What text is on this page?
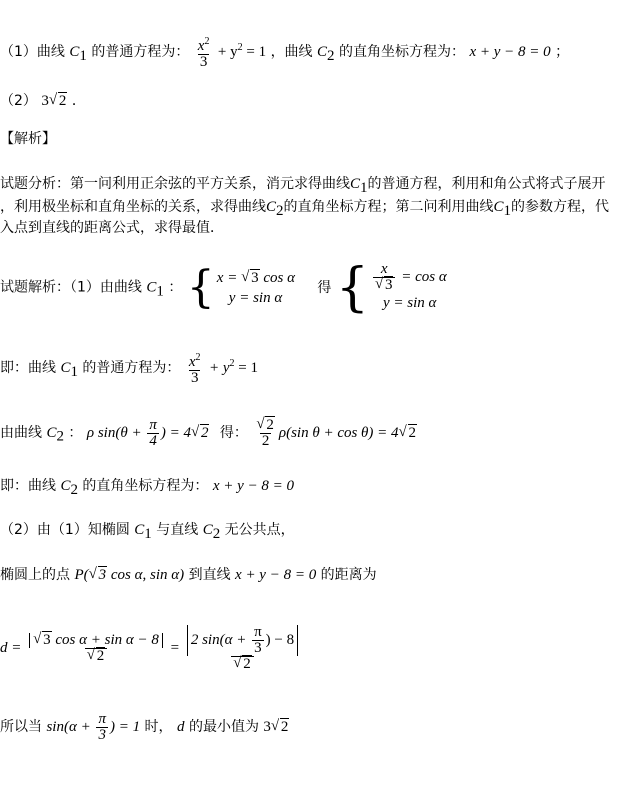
（1）曲线 $C_1$ 的普通方程为： $\frac{x^2}{3} + y^2 = 1$ ，曲线 $C_2$ 的直角坐标方程为： x + y − 8 = 0 ；
（2） 3 √ 2 ．
【解析】
试题分析：第一问利用正余弦的平方关系，消元求得曲线$C_1$的普通方程，利用和角公式将式子展开
，利用极坐标和直角坐标的关系，求得曲线$C_2$的直角坐标方程；第二问利用曲线$C_1$的参数方程，代
入点到直线的距离公式，求得最值．
试题解析：（1）由曲线 $C_1$ ： { x = √ 3 cos α
y = sin α
得 { x
√ 3 = cos α
y = sin α
即：曲线 $C_1$ 的普通方程为： $\frac{x^2}{3} + y^2 = 1$
由曲线 $C_2$ ： ρ $\sin(\theta + \frac{\pi}{4}$ ) = 4 √ 2 得： √ $\frac{2}{2} \rho(\sin$ θ + cos θ) = 4 √ 2
即：曲线 $C_2$ 的直角坐标方程为： x + y − 8 = 0
（2）由（1）知椭圆 $C_1$ 与直线 $C_2$ 无公共点，
椭圆上的点 P( √ 3 cos α, sin α) 到直线 x + y − 8 = 0 的距离为
d = √ 3 cos α + sin α − 8
√ 2 = 2 $\sin(\alpha + \frac{\pi}{3}$ ) − 8
√ 2
所以当 $\sin(\alpha + \frac{\pi}{3}$ ) = 1 时， d 的最小值为 3 √ 2
